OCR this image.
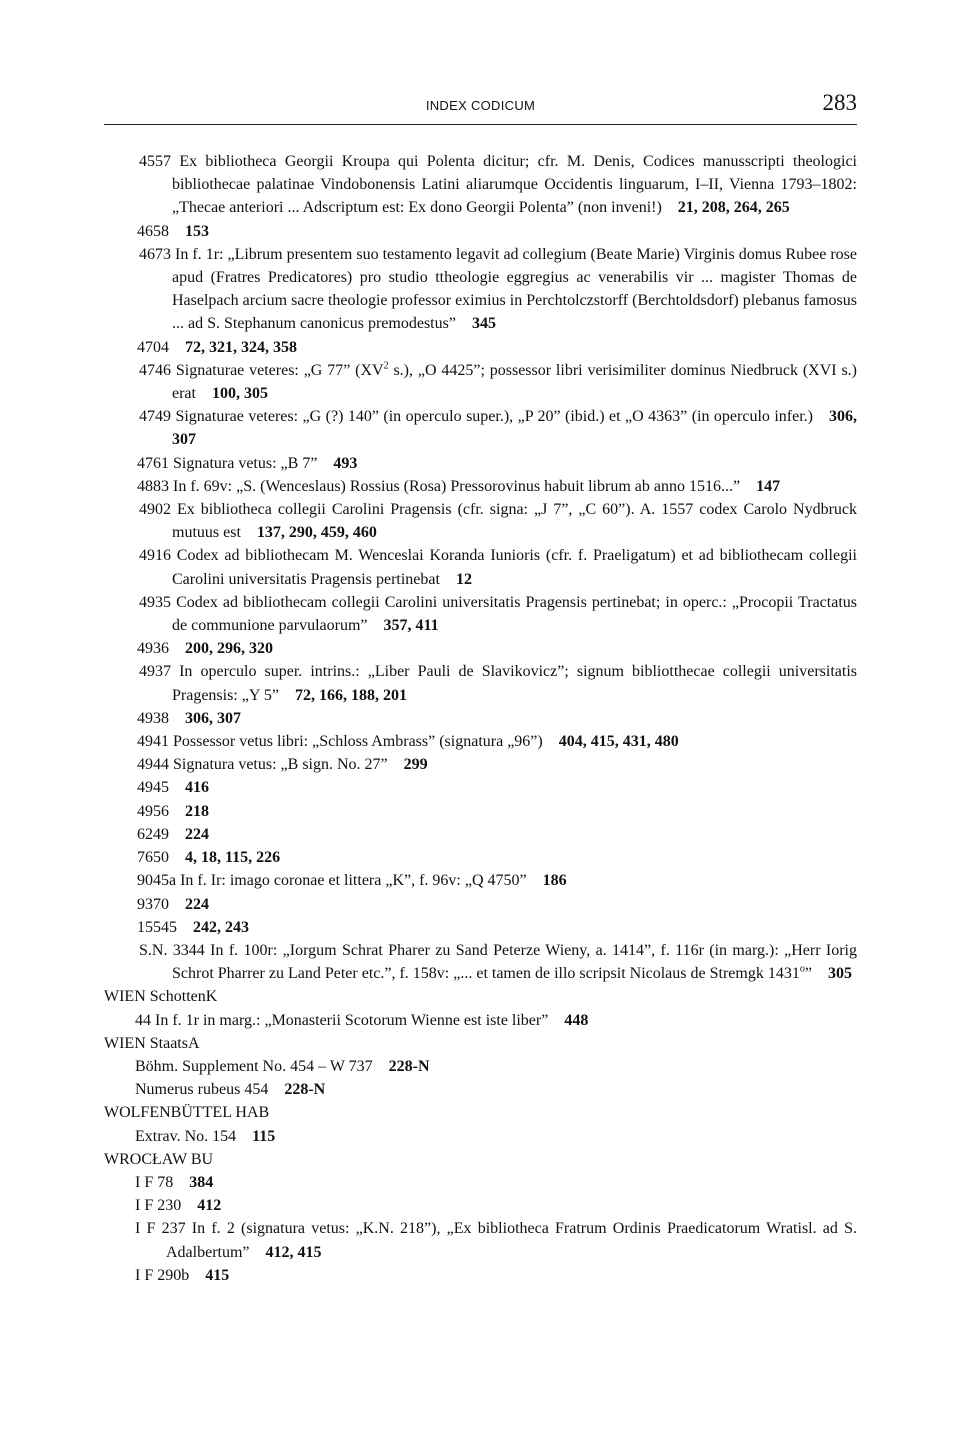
INDEX CODICUM	283

4557 Ex bibliotheca Georgii Kroupa qui Polenta dicitur; cfr. M. Denis, Codices manusscripti theologici bibliothecae palatinae Vindobonensis Latini aliarumque Occidentis linguarum, I–II, Vienna 1793–1802: „Thecae anteriori ... Adscriptum est: Ex dono Georgii Polenta” (non inveni!)  21, 208, 264, 265

4658  153

4673 In f. 1r: „Librum presentem suo testamento legavit ad collegium (Beate Marie) Virginis domus Rubee rose apud (Fratres Predicatores) pro studio ttheologie eggregius ac venerabilis vir ... magister Thomas de Haselpach arcium sacre theologie professor eximius in Perchtolczstorff (Berchtoldsdorf) plebanus famosus ... ad S. Stephanum canonicus premodestus”  345

4704  72, 321, 324, 358

4746 Signaturae veteres: „G 77” ($XV^2$ s.), „O 4425”; possessor libri verisimiliter dominus Niedbruck (XVI s.) erat  100, 305

4749 Signaturae veteres: „G (?) 140” (in operculo super.), „P 20” (ibid.) et „O 4363” (in operculo infer.)  306, 307

4761 Signatura vetus: „B 7”  493

4883 In f. 69v: „S. (Wenceslaus) Rossius (Rosa) Pressorovinus habuit librum ab anno 1516...”  147

4902 Ex bibliotheca collegii Carolini Pragensis (cfr. signa: „J 7”, „C 60”). A. 1557 codex Carolo Nydbruck mutuus est  137, 290, 459, 460

4916 Codex ad bibliothecam M. Wenceslai Koranda Iunioris (cfr. f. Praeligatum) et ad bibliothecam collegii Carolini universitatis Pragensis pertinebat  12

4935 Codex ad bibliothecam collegii Carolini universitatis Pragensis pertinebat; in operc.: „Procopii Tractatus de communione parvulaorum”  357, 411

4936  200, 296, 320

4937 In operculo super. intrins.: „Liber Pauli de Slavikovicz”; signum bibliotthecae collegii universitatis Pragensis: „Y 5”  72, 166, 188, 201

4938  306, 307

4941 Possessor vetus libri: „Schloss Ambrass” (signatura „96”)  404, 415, 431, 480

4944 Signatura vetus: „B sign. No. 27”  299

4945  416

4956  218

6249  224

7650  4, 18, 115, 226

9045a In f. Ir: imago coronae et littera „K”, f. 96v: „Q 4750”  186

9370  224

15545  242, 243

S.N. 3344 In f. 100r: „Iorgum Schrat Pharer zu Sand Peterze Wieny, a. 1414”, f. 116r (in marg.): „Herr Iorig Schrot Pharrer zu Land Peter etc.”, f. 158v: „... et tamen de illo scripsit Nicolaus de Stremgk 1431$^o$”  305

WIEN SchottenK

44 In f. 1r in marg.: „Monasterii Scotorum Wienne est iste liber”  448

WIEN StaatsA

Böhm. Supplement No. 454 – W 737  228-N

Numerus rubeus 454  228-N

WOLFENBÜTTEL HAB

Extrav. No. 154  115

WROCŁAW BU

I F 78  384

I F 230  412

I F 237 In f. 2 (signatura vetus: „K.N. 218”), „Ex bibliotheca Fratrum Ordinis Praedicatorum Wratisl. ad S. Adalbertum”  412, 415

I F 290b  415
